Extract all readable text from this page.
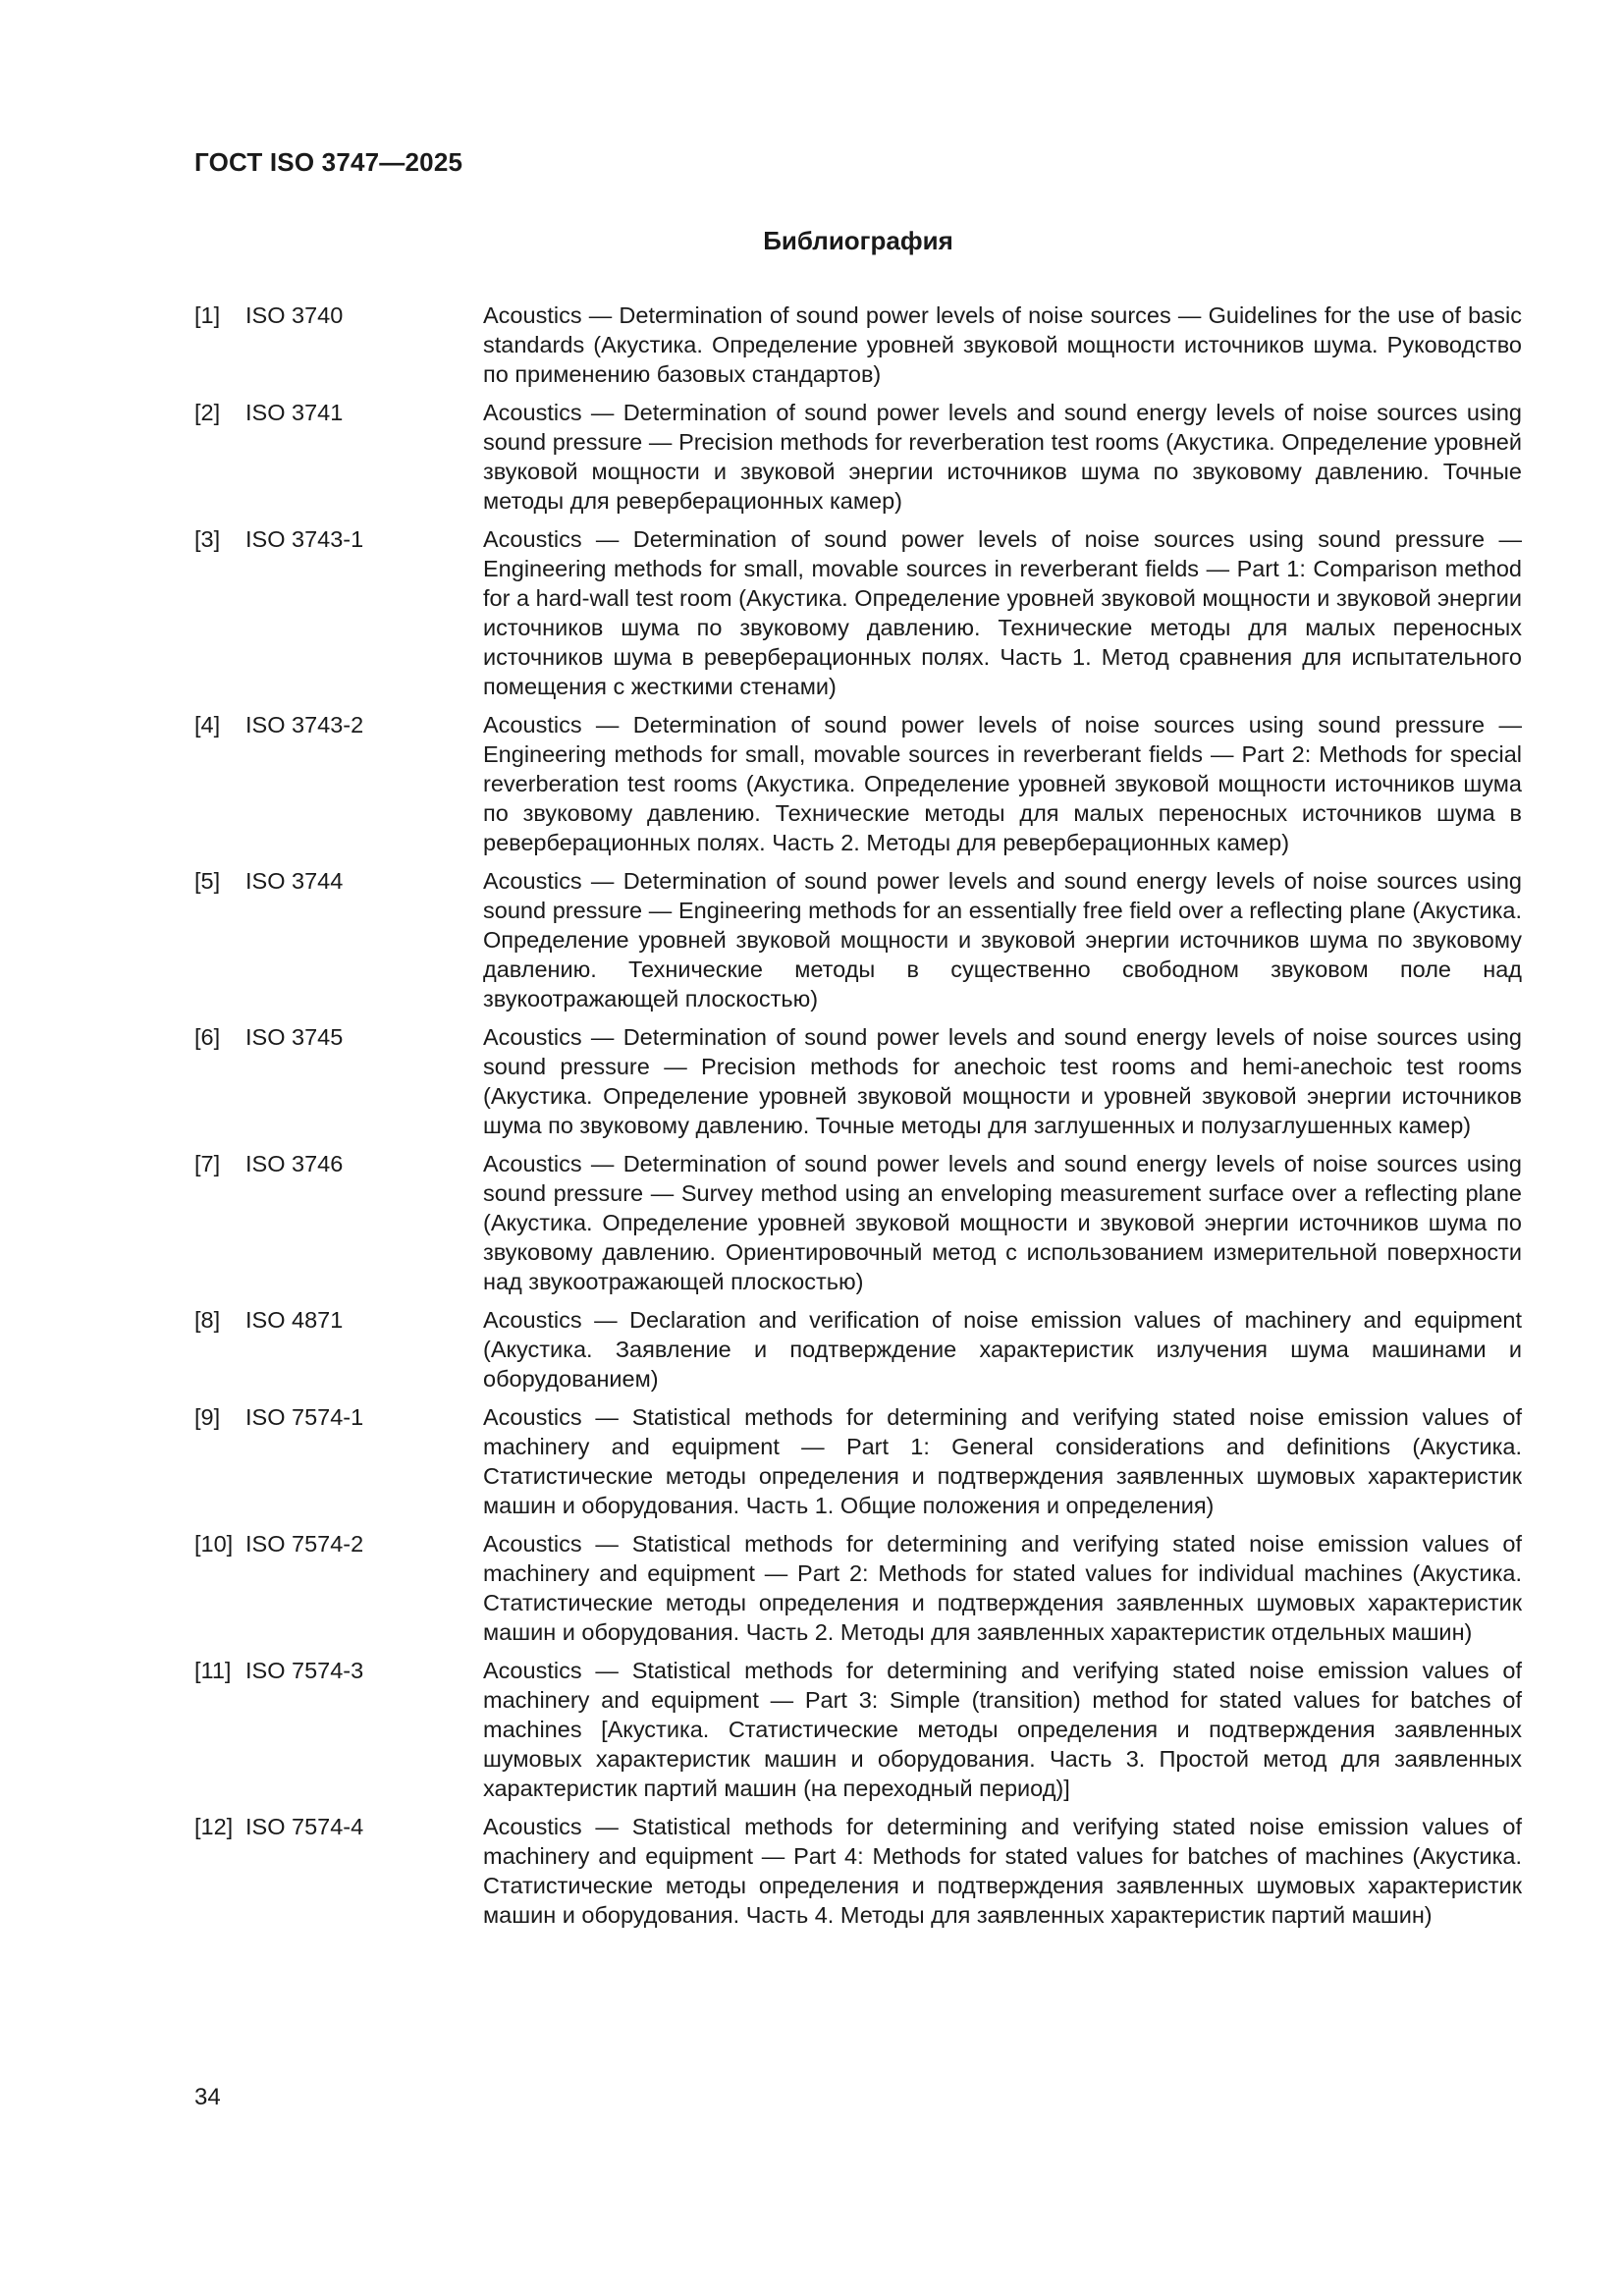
ГОСТ ISO 3747—2025
Библиография
[1]	ISO 3740	Acoustics — Determination of sound power levels of noise sources — Guidelines for the use of basic standards (Акустика. Определение уровней звуковой мощности источников шума. Руководство по применению базовых стандартов)
[2]	ISO 3741	Acoustics — Determination of sound power levels and sound energy levels of noise sources using sound pressure — Precision methods for reverberation test rooms (Акустика. Определение уровней звуковой мощности и звуковой энергии источников шума по звуковому давлению. Точные методы для реверберационных камер)
[3]	ISO 3743-1	Acoustics — Determination of sound power levels of noise sources using sound pressure — Engineering methods for small, movable sources in reverberant fields — Part 1: Comparison method for a hard-wall test room (Акустика. Определение уровней звуковой мощности и звуковой энергии источников шума по звуковому давлению. Технические методы для малых переносных источников шума в реверберационных полях. Часть 1. Метод сравнения для испытательного помещения с жесткими стенами)
[4]	ISO 3743-2	Acoustics — Determination of sound power levels of noise sources using sound pressure — Engineering methods for small, movable sources in reverberant fields — Part 2: Methods for special reverberation test rooms (Акустика. Определение уровней звуковой мощности источников шума по звуковому давлению. Технические методы для малых переносных источников шума в реверберационных полях. Часть 2. Методы для реверберационных камер)
[5]	ISO 3744	Acoustics — Determination of sound power levels and sound energy levels of noise sources using sound pressure — Engineering methods for an essentially free field over a reflecting plane (Акустика. Определение уровней звуковой мощности и звуковой энергии источников шума по звуковому давлению. Технические методы в существенно свободном звуковом поле над звукоотражающей плоскостью)
[6]	ISO 3745	Acoustics — Determination of sound power levels and sound energy levels of noise sources using sound pressure — Precision methods for anechoic test rooms and hemi-anechoic test rooms (Акустика. Определение уровней звуковой мощности и уровней звуковой энергии источников шума по звуковому давлению. Точные методы для заглушенных и полузаглушенных камер)
[7]	ISO 3746	Acoustics — Determination of sound power levels and sound energy levels of noise sources using sound pressure — Survey method using an enveloping measurement surface over a reflecting plane (Акустика. Определение уровней звуковой мощности и звуковой энергии источников шума по звуковому давлению. Ориентировочный метод с использованием измерительной поверхности над звукоотражающей плоскостью)
[8]	ISO 4871	Acoustics — Declaration and verification of noise emission values of machinery and equipment (Акустика. Заявление и подтверждение характеристик излучения шума машинами и оборудованием)
[9]	ISO 7574-1	Acoustics — Statistical methods for determining and verifying stated noise emission values of machinery and equipment — Part 1: General considerations and definitions (Акустика. Статистические методы определения и подтверждения заявленных шумовых характеристик машин и оборудования. Часть 1. Общие положения и определения)
[10] ISO 7574-2	Acoustics — Statistical methods for determining and verifying stated noise emission values of machinery and equipment — Part 2: Methods for stated values for individual machines (Акустика. Статистические методы определения и подтверждения заявленных шумовых характеристик машин и оборудования. Часть 2. Методы для заявленных характеристик отдельных машин)
[11] ISO 7574-3	Acoustics — Statistical methods for determining and verifying stated noise emission values of machinery and equipment — Part 3: Simple (transition) method for stated values for batches of machines [Акустика. Статистические методы определения и подтверждения заявленных шумовых характеристик машин и оборудования. Часть 3. Простой метод для заявленных характеристик партий машин (на переходный период)]
[12] ISO 7574-4	Acoustics — Statistical methods for determining and verifying stated noise emission values of machinery and equipment — Part 4: Methods for stated values for batches of machines (Акустика. Статистические методы определения и подтверждения заявленных шумовых характеристик машин и оборудования. Часть 4. Методы для заявленных характеристик партий машин)
34
